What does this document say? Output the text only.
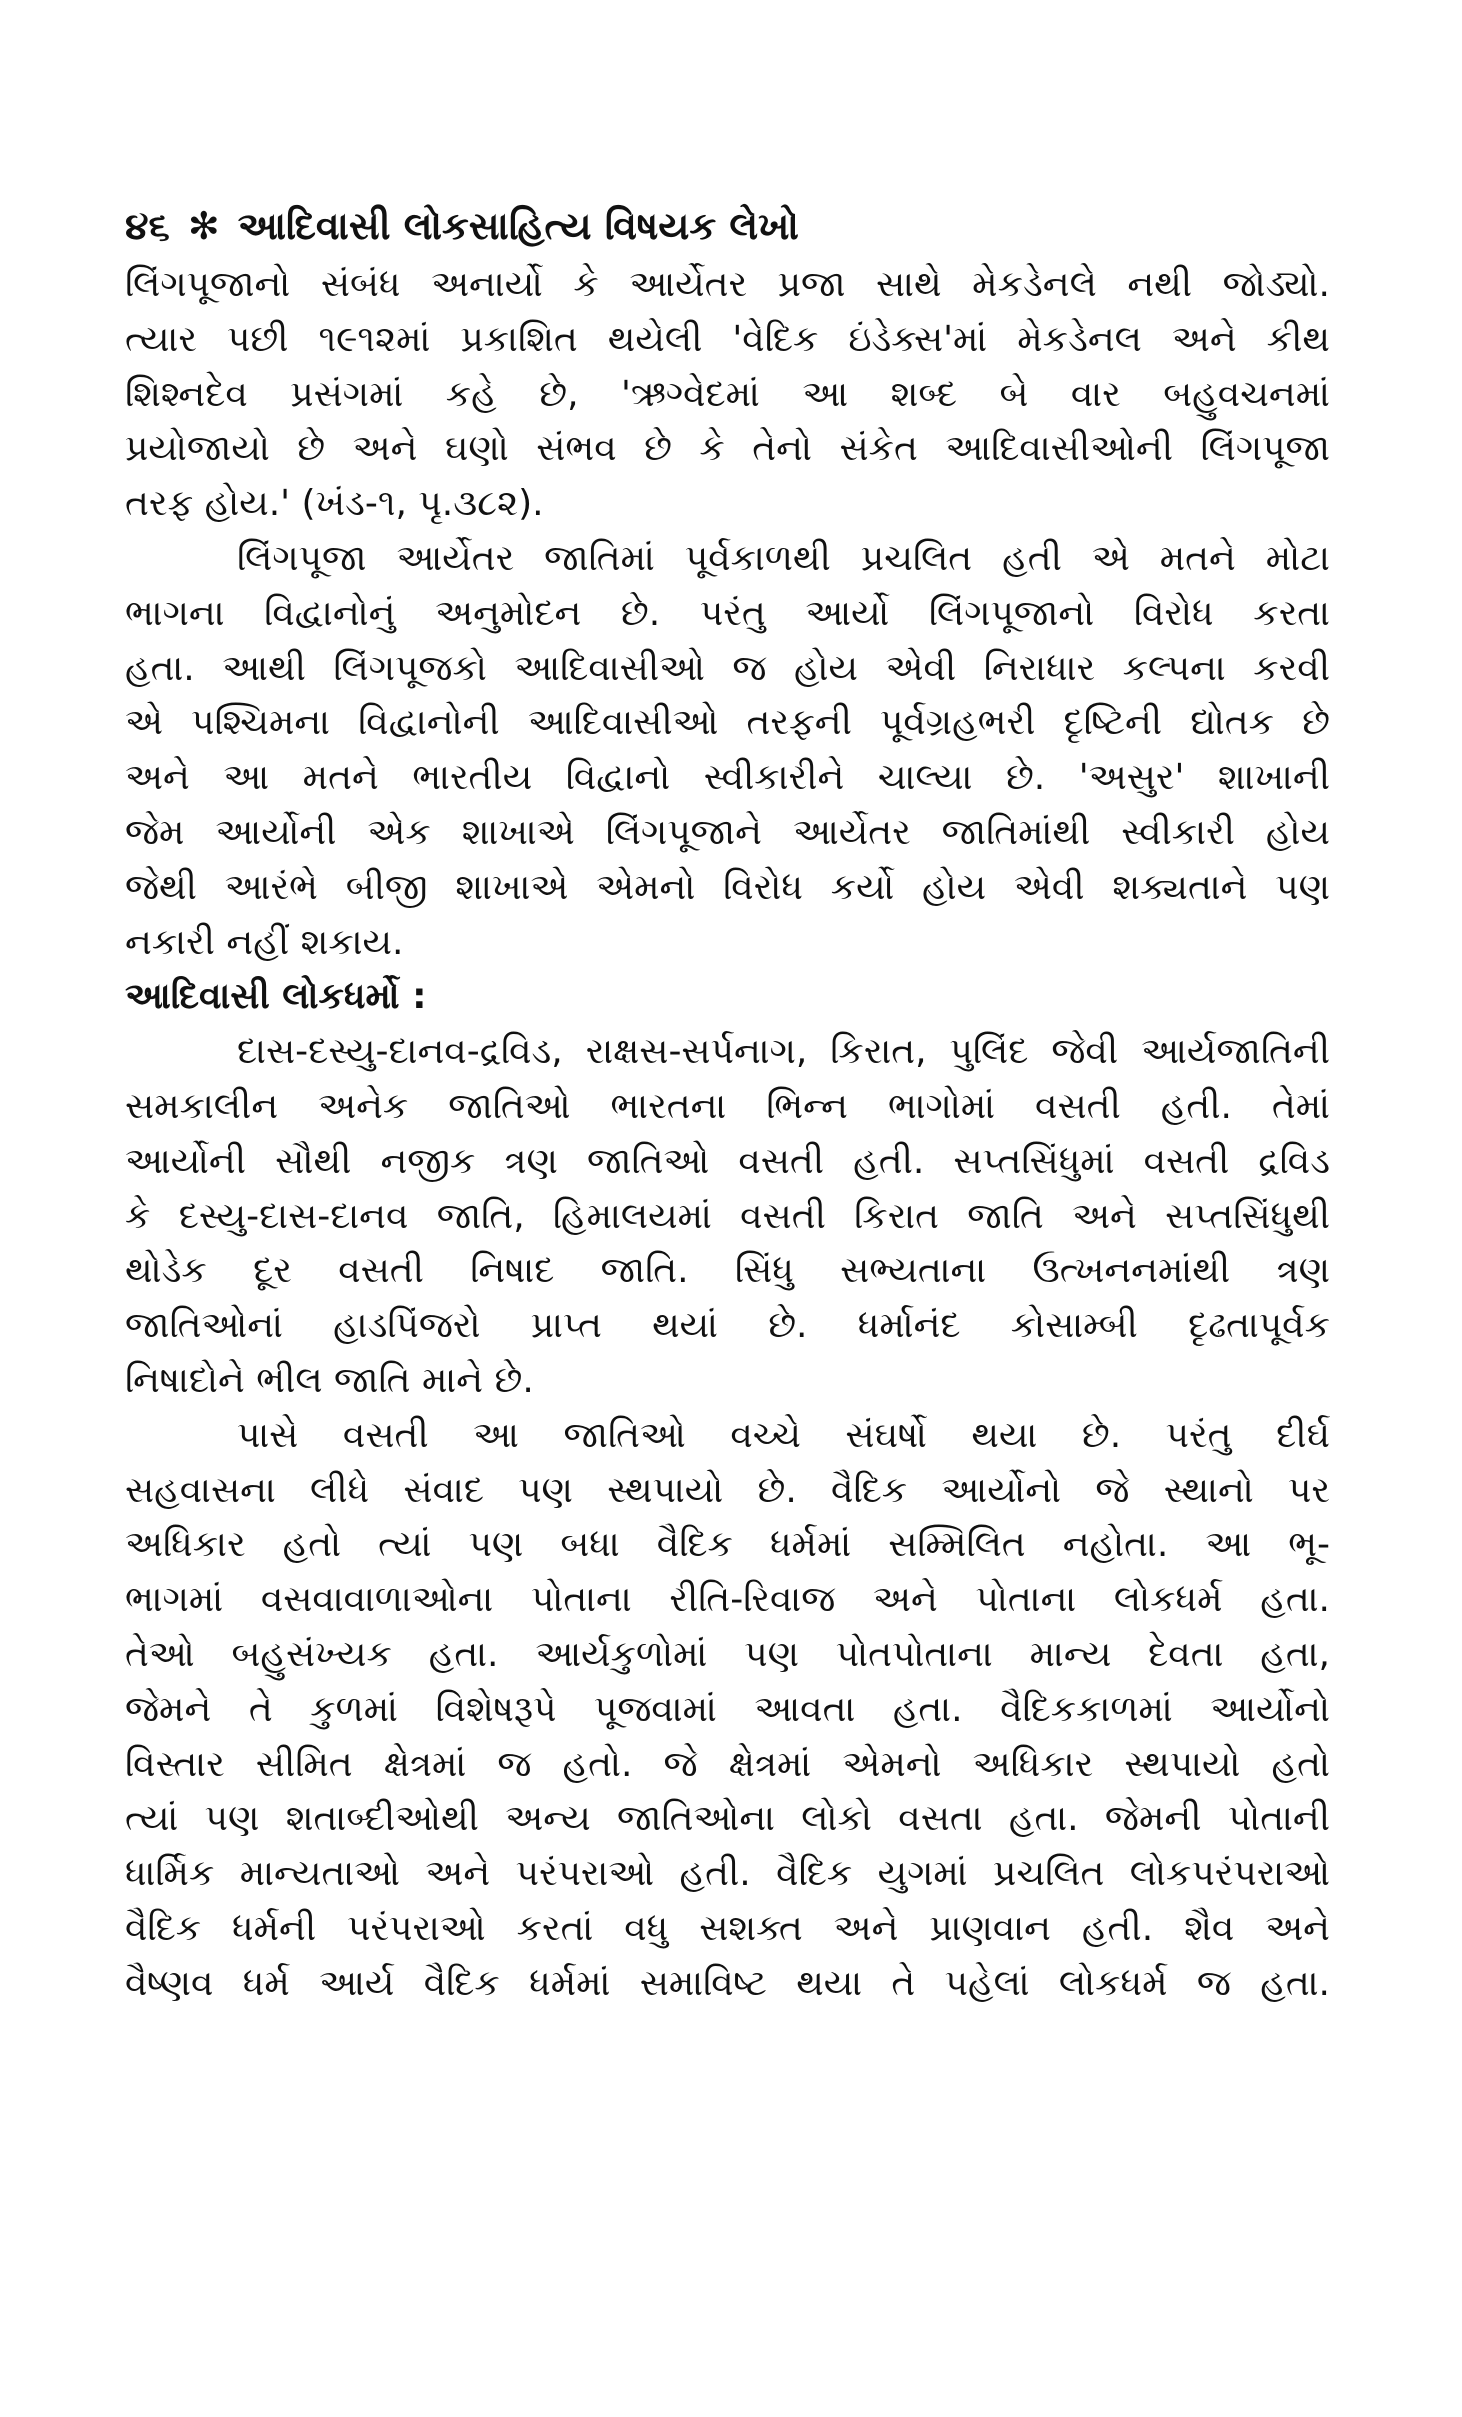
૪૬ ✻ આદિવાસી લોકસાહિત્ય વિષયક લેખો
લિંગપૂજાનો સંબંધ અનાર્યો કે આર્યેતર પ્રજા સાથે મેકડેનલે નથી જોડ્યો.
ત્યાર પછી ૧૯૧૨માં પ્રકાશિત થયેલી 'વેદિક ઇંડેક્સ'માં મેકડેનલ અને કીથ
શિશ્નદેવ પ્રસંગમાં કહે છે, 'ઋગ્વેદમાં આ શબ્દ બે વાર બહુવચનમાં
પ્રયોજાયો છે અને ઘણો સંભવ છે કે તેનો સંકેત આદિવાસીઓની લિંગપૂજા
તરફ હોય.' (ખંડ-૧, પૃ.૩૮૨).
લિંગપૂજા આર્યેતર જાતિમાં પૂર્વકાળથી પ્રચલિત હતી એ મતને મોટા
ભાગના વિદ્વાનોનું અનુમોદન છે. પરંતુ આર્યો લિંગપૂજાનો વિરોધ કરતા
હતા. આથી લિંગપૂજકો આદિવાસીઓ જ હોય એવી નિરાધાર કલ્પના કરવી
એ પશ્ચિમના વિદ્વાનોની આદિવાસીઓ તરફની પૂર્વગ્રહભરી દૃષ્ટિની દ્યોતક છે
અને આ મતને ભારતીય વિદ્વાનો સ્વીકારીને ચાલ્યા છે. 'અસુર' શાખાની
જેમ આર્યોની એક શાખાએ લિંગપૂજાને આર્યેતર જાતિમાંથી સ્વીકારી હોય
જેથી આરંભે બીજી શાખાએ એમનો વિરોધ કર્યો હોય એવી શક્યતાને પણ
નકારી નહીં શકાય.
આદિવાસી લોકધર્મો :
દાસ-દસ્યુ-દાનવ-દ્રવિડ, રાક્ષસ-સર્પનાગ, કિરાત, પુલિંદ જેવી આર્યજાતિની
સમકાલીન અનેક જાતિઓ ભારતના ભિન્ન ભાગોમાં વસતી હતી. તેમાં
આર્યોની સૌથી નજીક ત્રણ જાતિઓ વસતી હતી. સપ્તસિંધુમાં વસતી દ્રવિડ
કે દસ્યુ-દાસ-દાનવ જાતિ, હિમાલયમાં વસતી કિરાત જાતિ અને સપ્તસિંધુથી
થોડેક દૂર વસતી નિષાદ જાતિ. સિંધુ સભ્યતાના ઉત્ખનનમાંથી ત્રણ
જાતિઓનાં હાડપિંજરો પ્રાપ્ત થયાં છે. ધર્માનંદ કોસામ્બી દૃઢતાપૂર્વક
નિષાદોને ભીલ જાતિ માને છે.
પાસે વસતી આ જાતિઓ વચ્ચે સંઘર્ષો થયા છે. પરંતુ દીર્ઘ
સહવાસના લીધે સંવાદ પણ સ્થપાયો છે. વૈદિક આર્યોનો જે સ્થાનો પર
અધિકાર હતો ત્યાં પણ બધા વૈદિક ધર્મમાં સમ્મિલિત નહોતા. આ ભૂ-
ભાગમાં વસવાવાળાઓના પોતાના રીતિ-રિવાજ અને પોતાના લોકધર્મ હતા.
તેઓ બહુસંખ્યક હતા. આર્યકુળોમાં પણ પોતપોતાના માન્ય દેવતા હતા,
જેમને તે કુળમાં વિશેષરૂપે પૂજવામાં આવતા હતા. વૈદિકકાળમાં આર્યોનો
વિસ્તાર સીમિત ક્ષેત્રમાં જ હતો. જે ક્ષેત્રમાં એમનો અધિકાર સ્થપાયો હતો
ત્યાં પણ શતાબ્દીઓથી અન્ય જાતિઓના લોકો વસતા હતા. જેમની પોતાની
ધાર્મિક માન્યતાઓ અને પરંપરાઓ હતી. વૈદિક યુગમાં પ્રચલિત લોકપરંપરાઓ
વૈદિક ધર્મની પરંપરાઓ કરતાં વધુ સશક્ત અને પ્રાણવાન હતી. શૈવ અને
વૈષ્ણવ ધર્મ આર્ય વૈદિક ધર્મમાં સમાવિષ્ટ થયા તે પહેલાં લોકધર્મ જ હતા.
